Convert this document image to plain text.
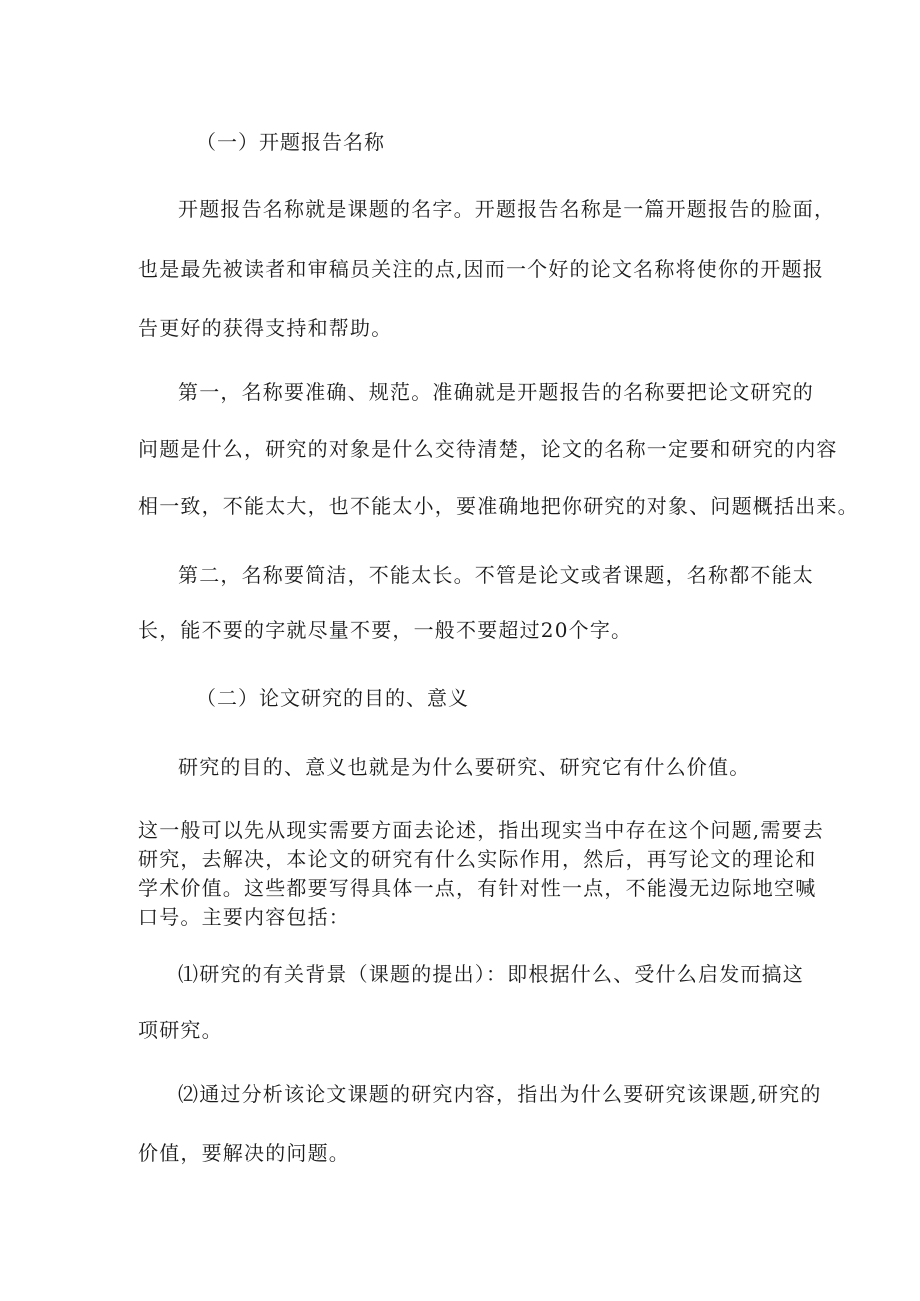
（一）开题报告名称
开题报告名称就是课题的名字。开题报告名称是一篇开题报告的脸面，
也是最先被读者和审稿员关注的点,因而一个好的论文名称将使你的开题报
告更好的获得支持和帮助。
第一，名称要准确、规范。准确就是开题报告的名称要把论文研究的
问题是什么，研究的对象是什么交待清楚，论文的名称一定要和研究的内容
相一致，不能太大，也不能太小，要准确地把你研究的对象、问题概括出来。
第二，名称要简洁，不能太长。不管是论文或者课题，名称都不能太
长，能不要的字就尽量不要，一般不要超过20个字。
（二）论文研究的目的、意义
研究的目的、意义也就是为什么要研究、研究它有什么价值。
这一般可以先从现实需要方面去论述，指出现实当中存在这个问题,需要去
研究，去解决，本论文的研究有什么实际作用，然后，再写论文的理论和
学术价值。这些都要写得具体一点，有针对性一点，不能漫无边际地空喊
口号。主要内容包括：
⑴研究的有关背景（课题的提出）：即根据什么、受什么启发而搞这
项研究。
⑵通过分析该论文课题的研究内容，指出为什么要研究该课题,研究的
价值，要解决的问题。
